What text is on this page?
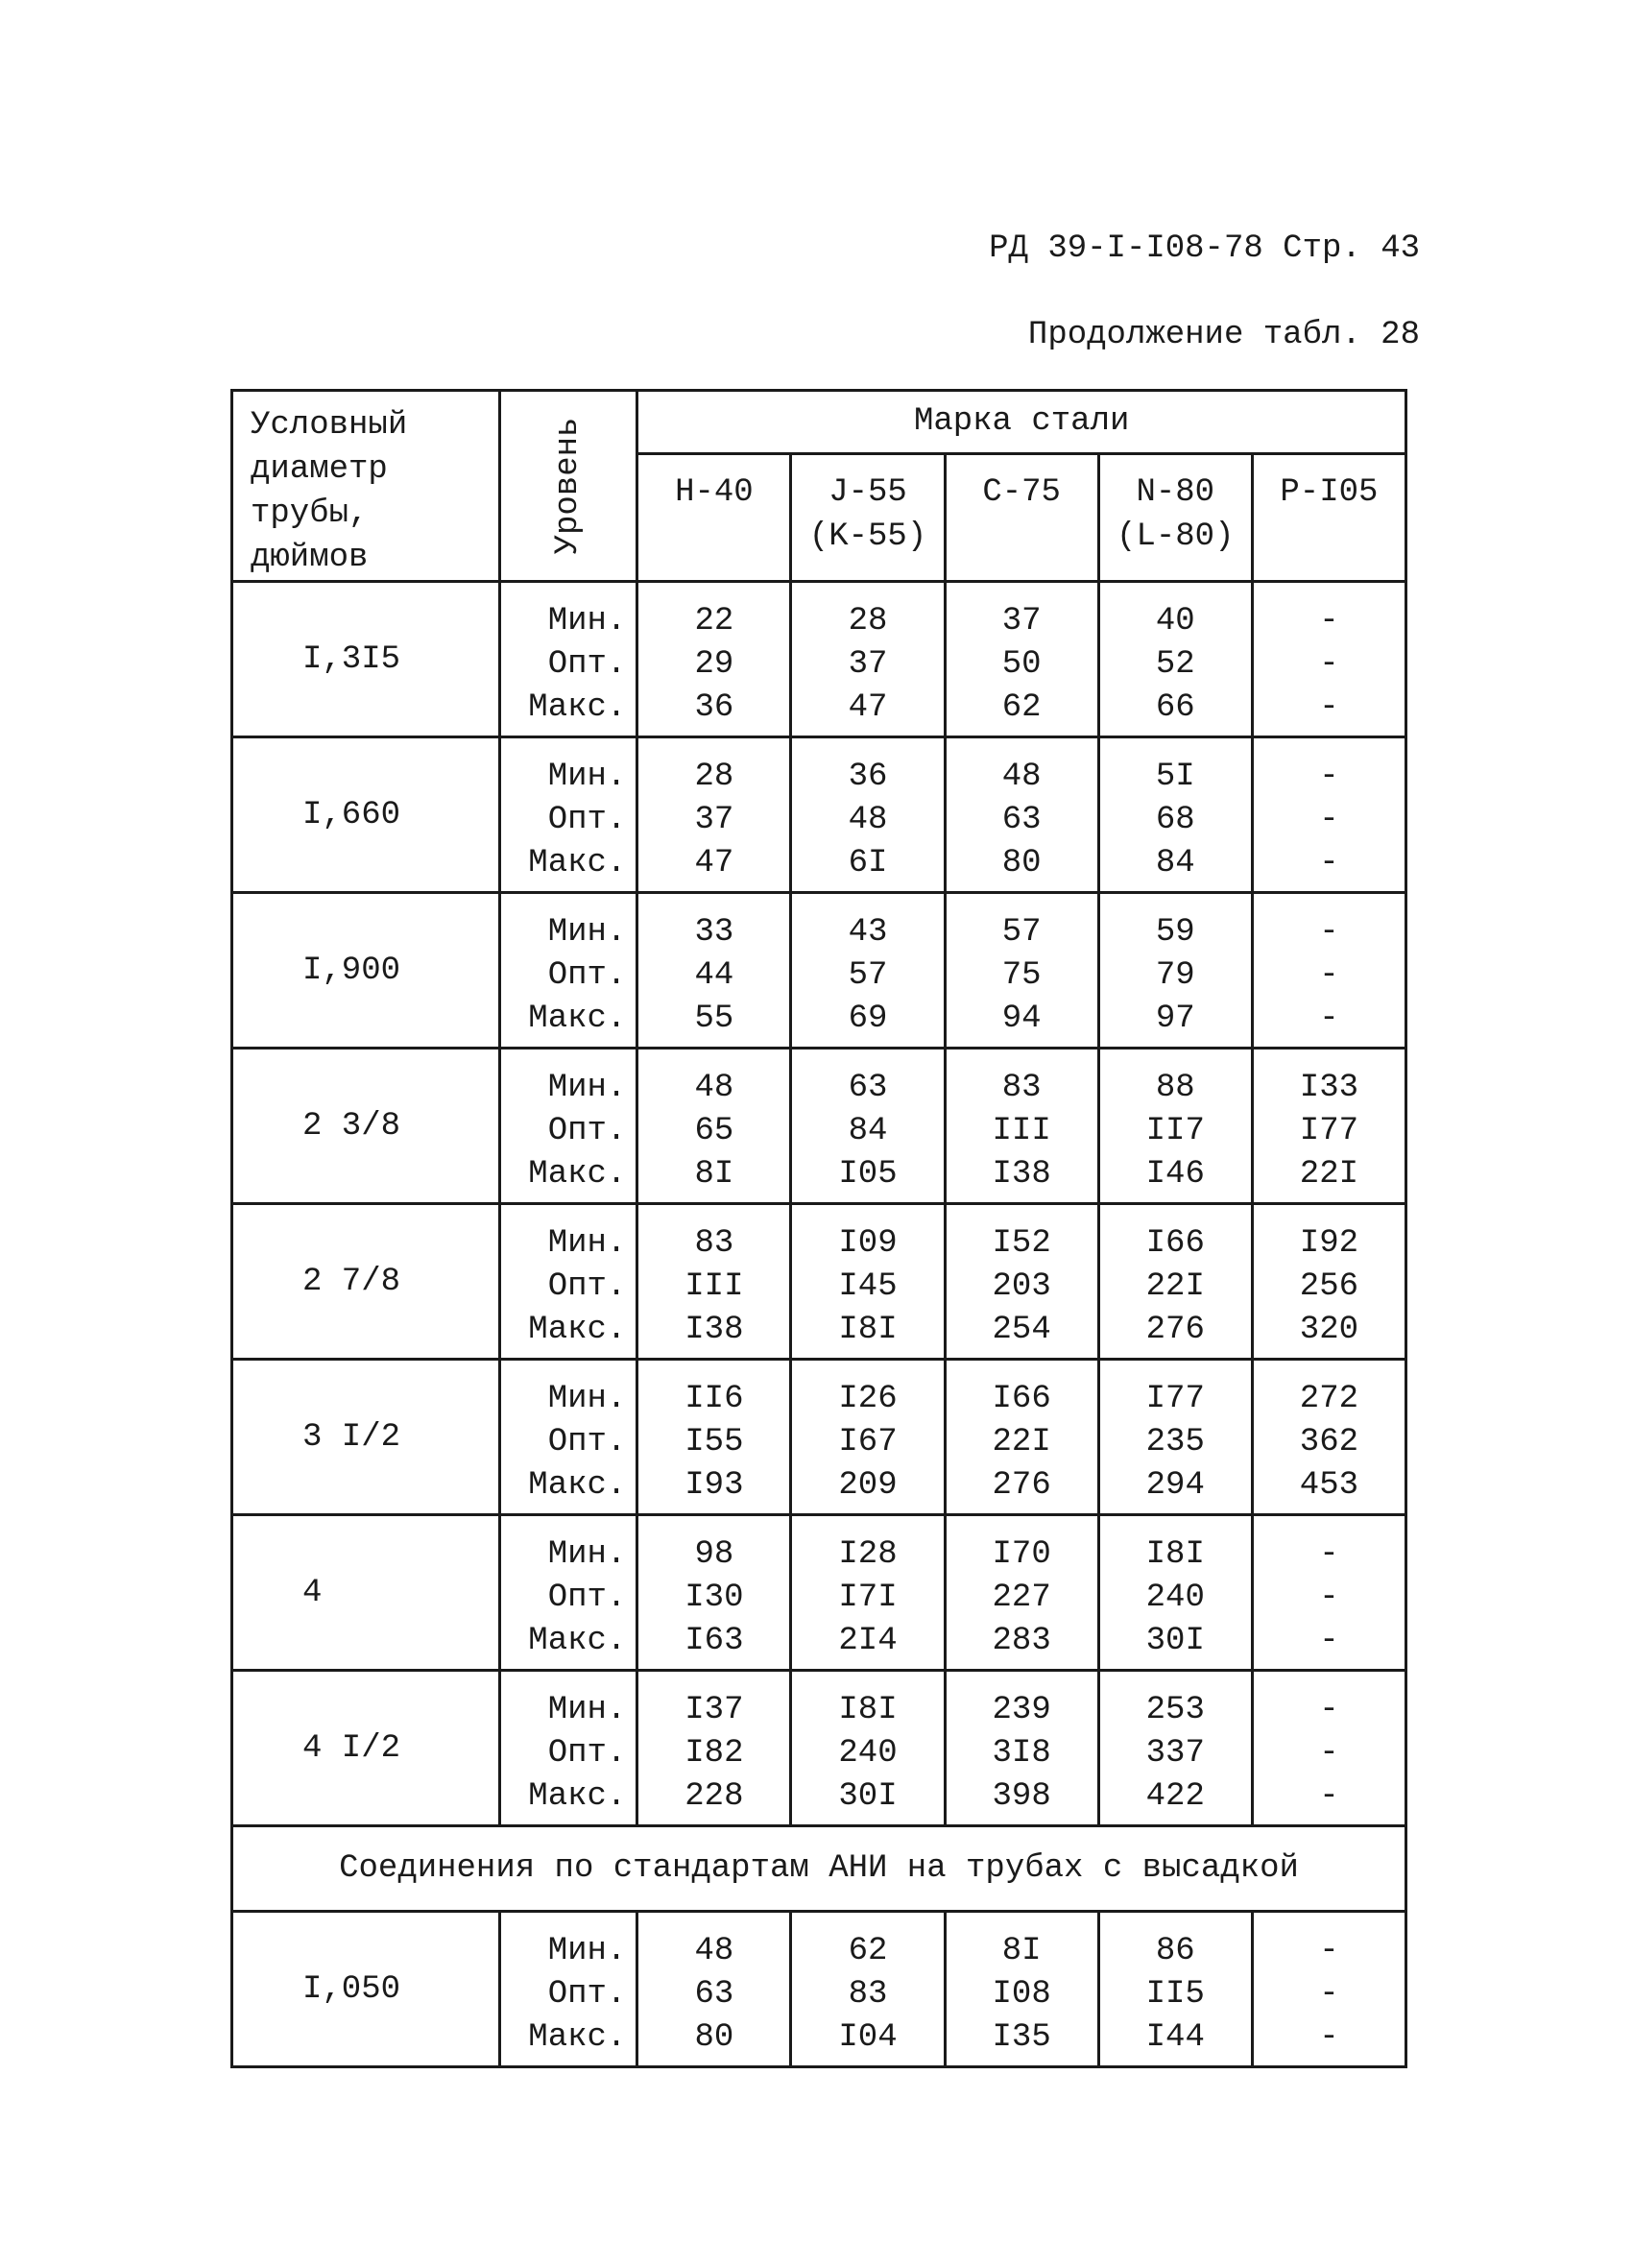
РД 39-I-I08-78 Стр. 43
Продолжение табл. 28
Условный
диаметр
трубы, дюймов	Уровень	Марка стали				

		H-40	J-55
(K-55)	C-75	N-80
(L-80)	P-I05

I,3I5	Мин.
Опт.
Макс.	22
29
36	28
37
47	37
50
62	40
52
66	-
-
-

I,660	Мин.
Опт.
Макс.	28
37
47	36
48
6I	48
63
80	5I
68
84	-
-
-

I,900	Мин.
Опт.
Макс.	33
44
55	43
57
69	57
75
94	59
79
97	-
-
-

2 3/8	Мин.
Опт.
Макс.	48
65
8I	63
84
I05	83
III
I38	88
II7
I46	I33
I77
22I

2 7/8	Мин.
Опт.
Макс.	83
III
I38	I09
I45
I8I	I52
203
254	I66
22I
276	I92
256
320

3 I/2	Мин.
Опт.
Макс.	II6
I55
I93	I26
I67
209	I66
22I
276	I77
235
294	272
362
453

4	Мин.
Опт.
Макс.	98
I30
I63	I28
I7I
2I4	I70
227
283	I8I
240
30I	-
-
-

4 I/2	Мин.
Опт.
Макс.	I37
I82
228	I8I
240
30I	239
3I8
398	253
337
422	-
-
-

Соединения по стандартам АНИ на трубах с высадкой						
I,050	Мин.
Опт.
Макс.	48
63
80	62
83
I04	8I
I08
I35	86
II5
I44	-
-
-
